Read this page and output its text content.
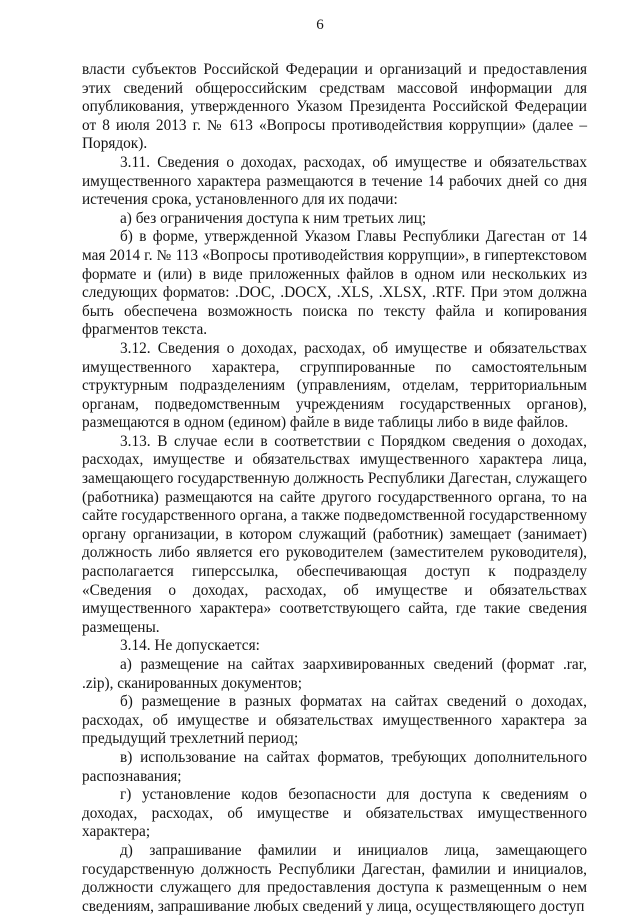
6

власти субъектов Российской Федерации и организаций и предоставления этих сведений общероссийским средствам массовой информации для опубликования, утвержденного Указом Президента Российской Федерации от 8 июля 2013 г. № 613 «Вопросы противодействия коррупции» (далее – Порядок).

3.11. Сведения о доходах, расходах, об имуществе и обязательствах имущественного характера размещаются в течение 14 рабочих дней со дня истечения срока, установленного для их подачи:

а) без ограничения доступа к ним третьих лиц;

б) в форме, утвержденной Указом Главы Республики Дагестан от 14 мая 2014 г. № 113 «Вопросы противодействия коррупции», в гипертекстовом формате и (или) в виде приложенных файлов в одном или нескольких из следующих форматов: .DOC, .DOCX, .XLS, .XLSX, .RTF. При этом должна быть обеспечена возможность поиска по тексту файла и копирования фрагментов текста.

3.12. Сведения о доходах, расходах, об имуществе и обязательствах имущественного характера, сгруппированные по самостоятельным структурным подразделениям (управлениям, отделам, территориальным органам, подведомственным учреждениям государственных органов), размещаются в одном (едином) файле в виде таблицы либо в виде файлов.

3.13. В случае если в соответствии с Порядком сведения о доходах, расходах, имуществе и обязательствах имущественного характера лица, замещающего государственную должность Республики Дагестан, служащего (работника) размещаются на сайте другого государственного органа, то на сайте государственного органа, а также подведомственной государственному органу организации, в котором служащий (работник) замещает (занимает) должность либо является его руководителем (заместителем руководителя), располагается гиперссылка, обеспечивающая доступ к подразделу «Сведения о доходах, расходах, об имуществе и обязательствах имущественного характера» соответствующего сайта, где такие сведения размещены.

3.14. Не допускается:

а) размещение на сайтах заархивированных сведений (формат .rar, .zip), сканированных документов;

б) размещение в разных форматах на сайтах сведений о доходах, расходах, об имуществе и обязательствах имущественного характера за предыдущий трехлетний период;

в) использование на сайтах форматов, требующих дополнительного распознавания;

г) установление кодов безопасности для доступа к сведениям о доходах, расходах, об имуществе и обязательствах имущественного характера;

д) запрашивание фамилии и инициалов лица, замещающего государственную должность Республики Дагестан, фамилии и инициалов, должности служащего для предоставления доступа к размещенным о нем сведениям, запрашивание любых сведений у лица, осуществляющего доступ
